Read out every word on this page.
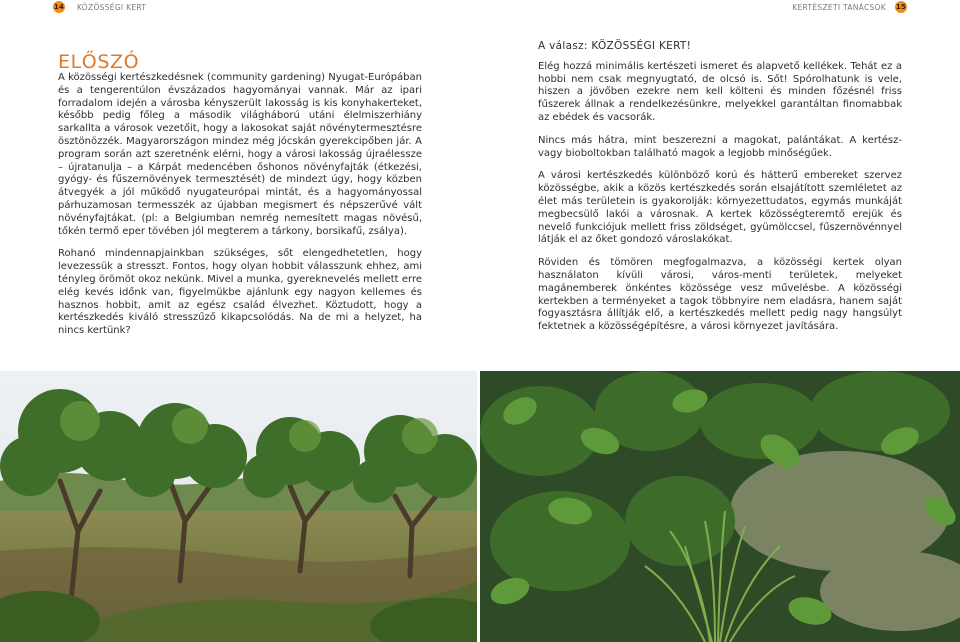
14 KÖZÖSSÉGI KERT	KERTÉSZETI TANÁCSOK 15
ELŐSZÓ

A közösségi kertészkedésnek (community gardening) Nyugat-Európában és a tengerentúlon évszázados hagyományai vannak. Már az ipari forradalom idején a városba kényszerült lakosság is kis konyhakerteket, később pedig főleg a második világháború utáni élelmiszerhiány sarkallta a városok vezetőit, hogy a lakosokat saját növénytermesztésre ösztönözzék. Magyarországon mindez még jócskán gyerekcipőben jár. A program során azt szeretnénk elérni, hogy a városi lakosság újraélessze – újratanulja – a Kárpát medencében őshonos növényfajták (étkezési, gyógy- és fűszernövények termesztését) de mindezt úgy, hogy közben átvegyék a jól működő nyugateurópai mintát, és a hagyományossal párhuzamosan termesszék az újabban megismert és népszerűvé vált növényfajtákat. (pl: a Belgiumban nemrég nemesített magas növésű, tőkén termő eper tövében jól megterem a tárkony, borsikafű, zsálya).

Rohanó mindennapjainkban szükséges, sőt elengedhetetlen, hogy levezessük a stresszt. Fontos, hogy olyan hobbit válasszunk ehhez, ami tényleg örömöt okoz nekünk. Mivel a munka, gyereknevelés mellett erre elég kevés időnk van, figyelmükbe ajánlunk egy nagyon kellemes és hasznos hobbit, amit az egész család élvezhet. Köztudott, hogy a kertészkedés kiváló stresszűző kikapcsolódás. Na de mi a helyzet, ha nincs kertünk?

A válasz: KÖZÖSSÉGI KERT!

Elég hozzá minimális kertészeti ismeret és alapvető kellékek. Tehát ez a hobbi nem csak megnyugtató, de olcsó is. Sőt! Spórolhatunk is vele, hiszen a jövőben ezekre nem kell költeni és minden főzésnél friss fűszerek állnak a rendelkezésünkre, melyekkel garantáltan finomabbak az ebédek és vacsorák.

Nincs más hátra, mint beszerezni a magokat, palántákat. A kertész- vagy bioboltokban található magok a legjobb minőségűek.

A városi kertészkedés különböző korú és hátterű embereket szervez közösségbe, akik a közös kertészkedés során elsajátított szemléletet az élet más területein is gyakorolják: környezettudatos, egymás munkáját megbecsülő lakói a városnak. A kertek közösségteremtő erejük és nevelő funkciójuk mellett friss zöldséget, gyümölccsel, fűszernövénnyel látják el az őket gondozó városlakókat.

Röviden és tömören megfogalmazva, a közösségi kertek olyan használaton kívüli városi, város-menti területek, melyeket magánemberek önkéntes közössége vesz művelésbe. A közösségi kertekben a terményeket a tagok többnyire nem eladásra, hanem saját fogyasztásra állítják elő, a kertészkedés mellett pedig nagy hangsúlyt fektetnek a közösségépítésre, a városi környezet javítására.
